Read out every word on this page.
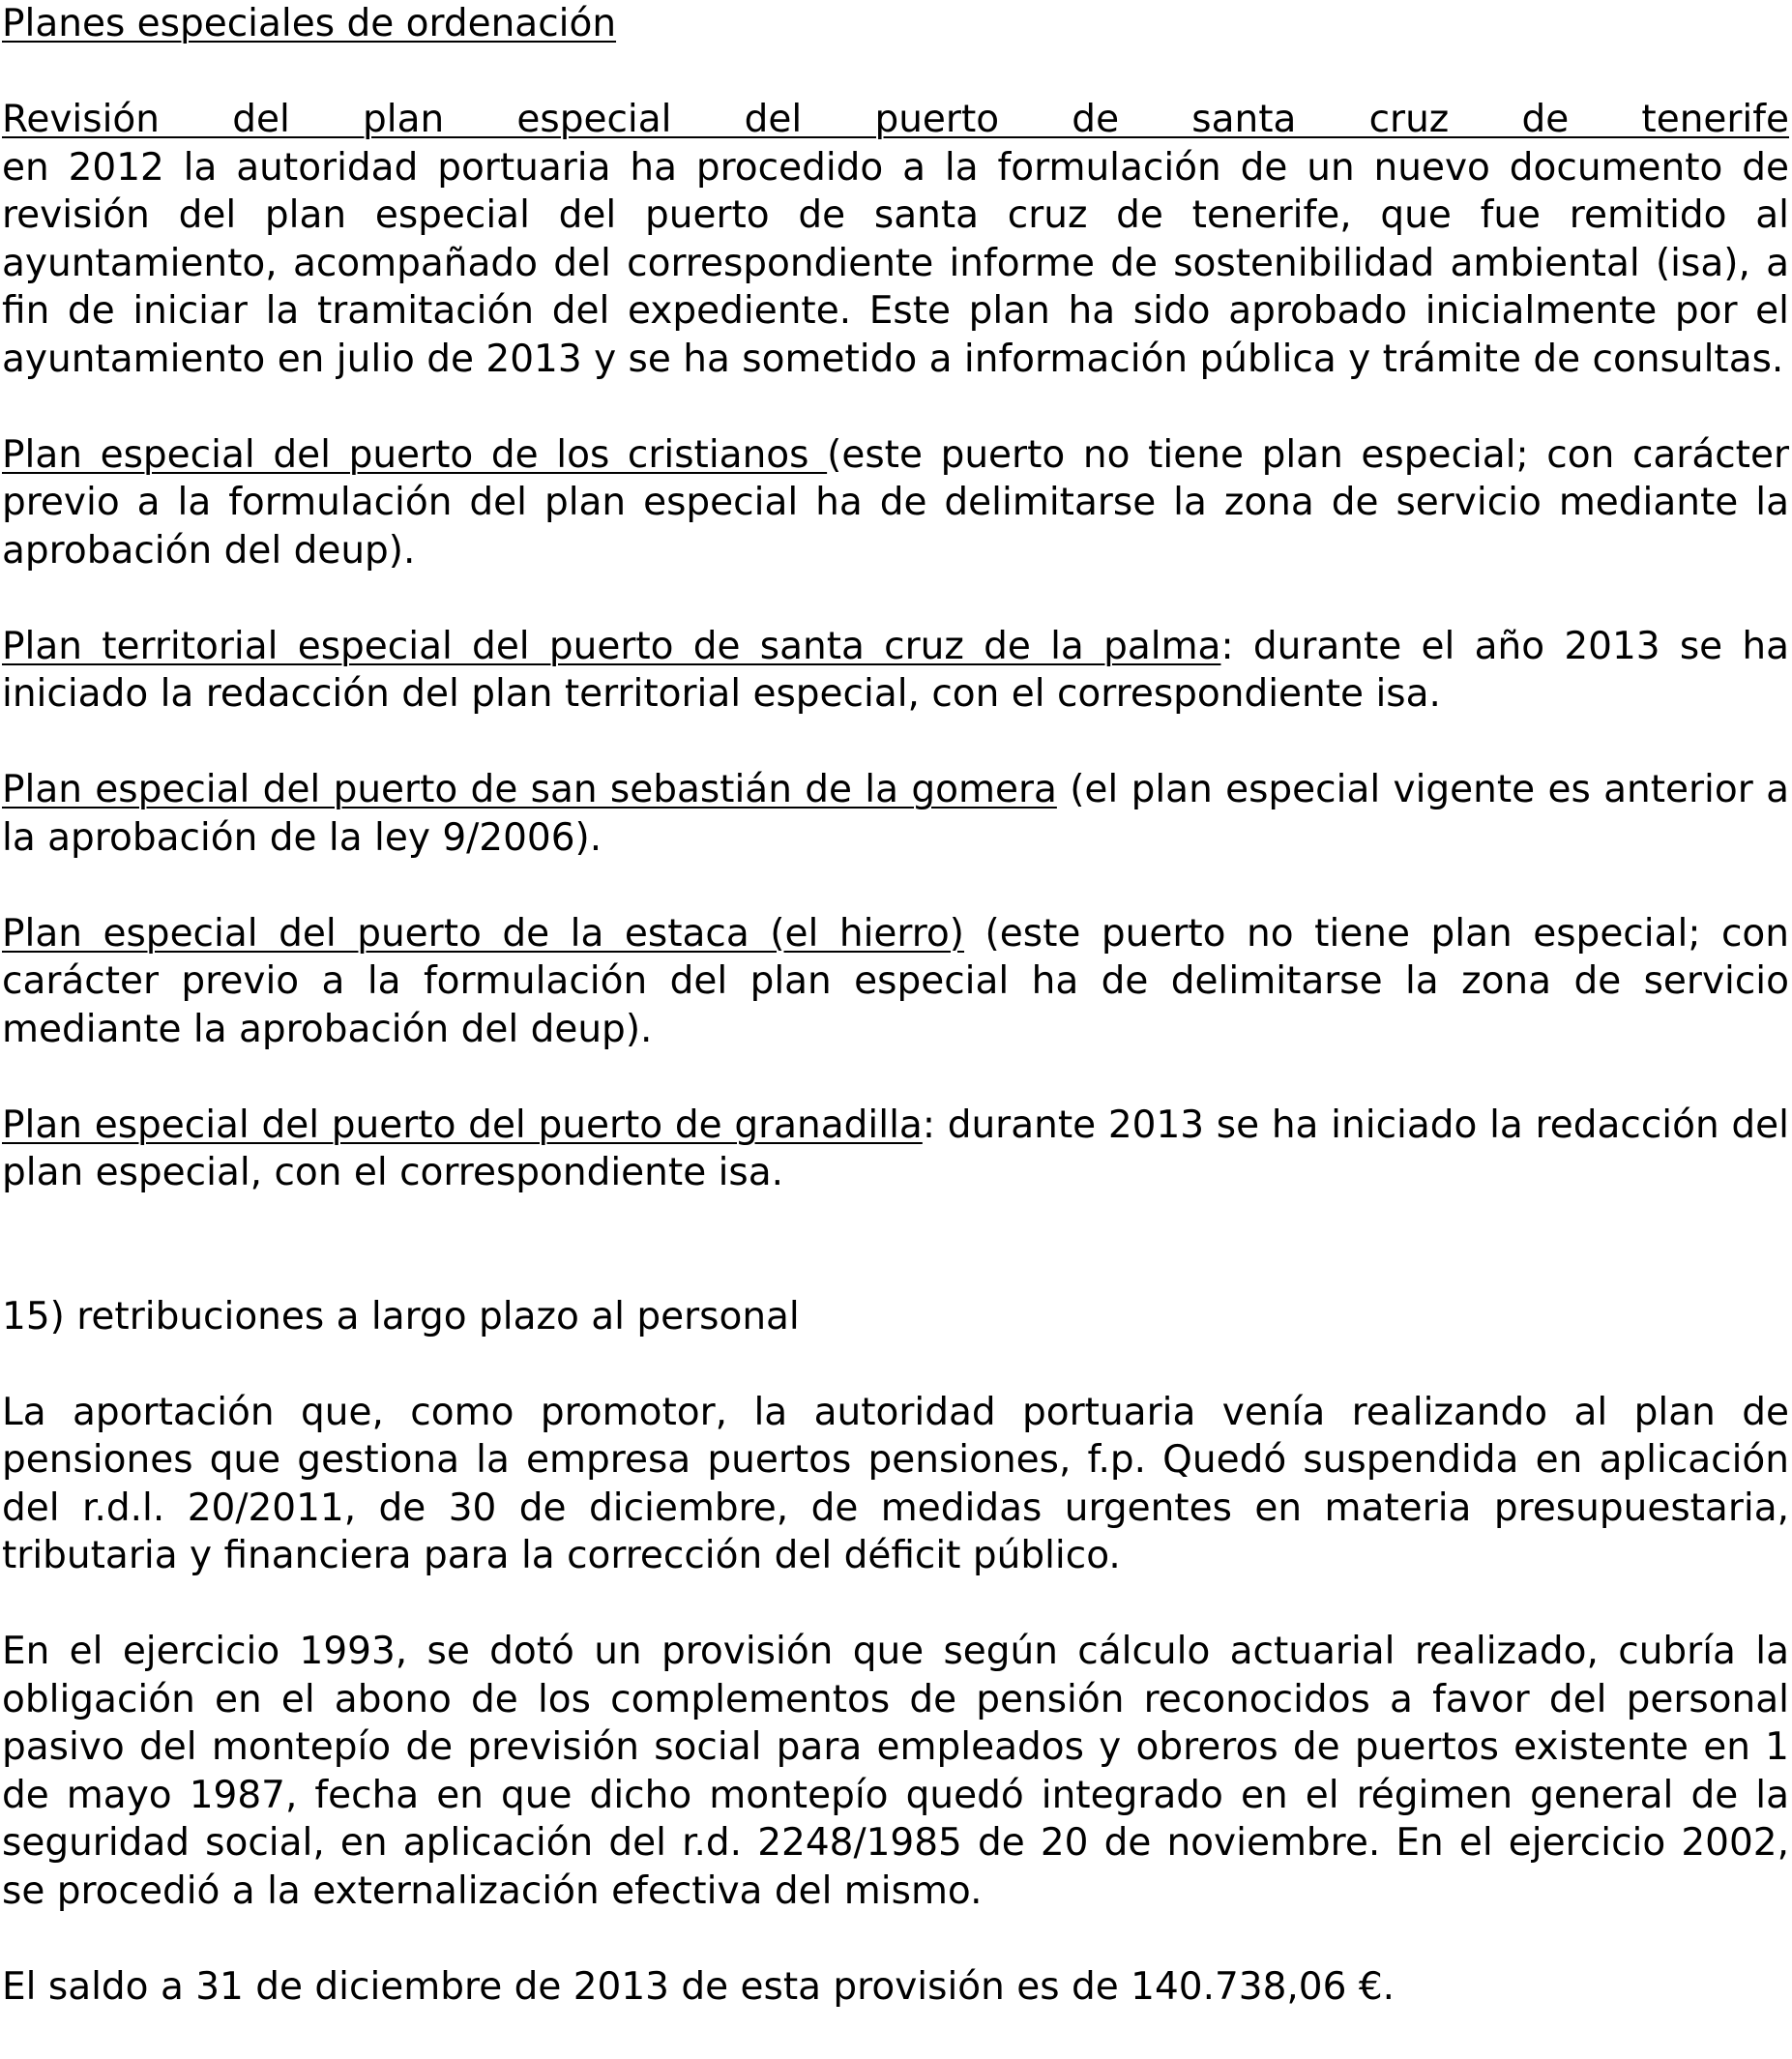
Planes especiales de ordenación

Revisión del plan especial del puerto de santa cruz de tenerife

en 2012 la autoridad portuaria ha procedido a la formulación de un nuevo documento de revisión del plan especial del puerto de santa cruz de tenerife, que fue remitido al ayuntamiento, acompañado del correspondiente informe de sostenibilidad ambiental (isa), a fin de iniciar la tramitación del expediente. Este plan ha sido aprobado inicialmente por el ayuntamiento en julio de 2013 y se ha sometido a información pública y trámite de consultas.

Plan especial del puerto de los cristianos (este puerto no tiene plan especial; con carácter previo a la formulación del plan especial ha de delimitarse la zona de servicio mediante la aprobación del deup).

Plan territorial especial del puerto de santa cruz de la palma: durante el año 2013 se ha iniciado la redacción del plan territorial especial, con el correspondiente isa.

Plan especial del puerto de san sebastián de la gomera (el plan especial vigente es anterior a la aprobación de la ley 9/2006).

Plan especial del puerto de la estaca (el hierro) (este puerto no tiene plan especial; con carácter previo a la formulación del plan especial ha de delimitarse la zona de servicio mediante la aprobación del deup).

Plan especial del puerto del puerto de granadilla: durante 2013 se ha iniciado la redacción del plan especial, con el correspondiente isa.

15) retribuciones a largo plazo al personal

La aportación que, como promotor, la autoridad portuaria venía realizando al plan de pensiones que gestiona la empresa puertos pensiones, f.p. Quedó suspendida en aplicación del r.d.l. 20/2011, de 30 de diciembre, de medidas urgentes en materia presupuestaria, tributaria y financiera para la corrección del déficit público.

En el ejercicio 1993, se dotó un provisión que según cálculo actuarial realizado, cubría la obligación en el abono de los complementos de pensión reconocidos a favor del personal pasivo del montepío de previsión social para empleados y obreros de puertos existente en 1 de mayo 1987, fecha en que dicho montepío quedó integrado en el régimen general de la seguridad social, en aplicación del r.d. 2248/1985 de 20 de noviembre. En el ejercicio 2002, se procedió a la externalización efectiva del mismo.

El saldo a 31 de diciembre de 2013 de esta provisión es de 140.738,06 €.
